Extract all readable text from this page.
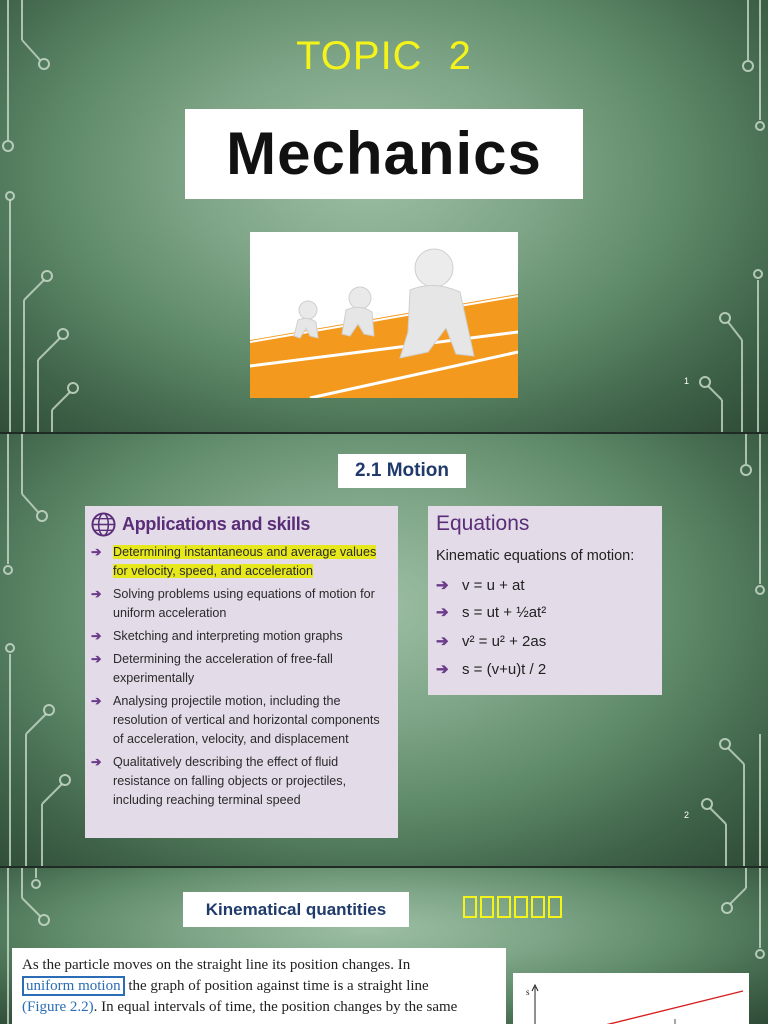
TOPIC 2
Mechanics
1
2.1 Motion
Applications and skills
➔ Determining instantaneous and average values for velocity, speed, and acceleration
➔ Solving problems using equations of motion for uniform acceleration
➔ Sketching and interpreting motion graphs
➔ Determining the acceleration of free-fall experimentally
➔ Analysing projectile motion, including the resolution of vertical and horizontal components of acceleration, velocity, and displacement
➔ Qualitatively describing the effect of fluid resistance on falling objects or projectiles, including reaching terminal speed
Equations
Kinematic equations of motion:
➔ v = u + at
➔ s = ut + ½at²
➔ v² = u² + 2as
➔ s = (v+u)t / 2
2
Kinematical quantities
As the particle moves on the straight line its position changes. In
uniform motion the graph of position against time is a straight line
(Figure 2.2). In equal intervals of time, the position changes by the same
s
